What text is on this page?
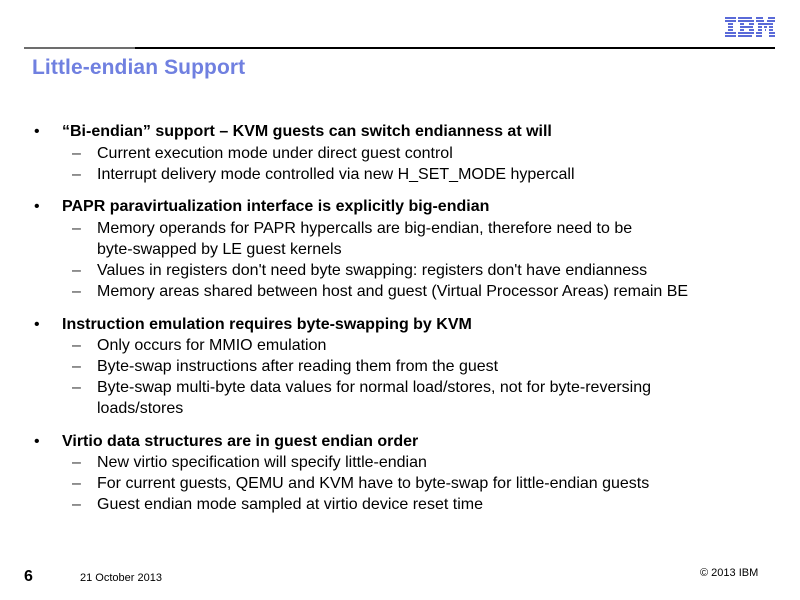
Little-endian Support
• “Bi-endian” support – KVM guests can switch endianness at will
– Current execution mode under direct guest control
– Interrupt delivery mode controlled via new H_SET_MODE hypercall
• PAPR paravirtualization interface is explicitly big-endian
– Memory operands for PAPR hypercalls are big-endian, therefore need to be
byte-swapped by LE guest kernels
– Values in registers don't need byte swapping: registers don't have endianness
– Memory areas shared between host and guest (Virtual Processor Areas) remain BE
• Instruction emulation requires byte-swapping by KVM
– Only occurs for MMIO emulation
– Byte-swap instructions after reading them from the guest
– Byte-swap multi-byte data values for normal load/stores, not for byte-reversing
loads/stores
• Virtio data structures are in guest endian order
– New virtio specification will specify little-endian
– For current guests, QEMU and KVM have to byte-swap for little-endian guests
– Guest endian mode sampled at virtio device reset time
6	21 October 2013	© 2013 IBM
